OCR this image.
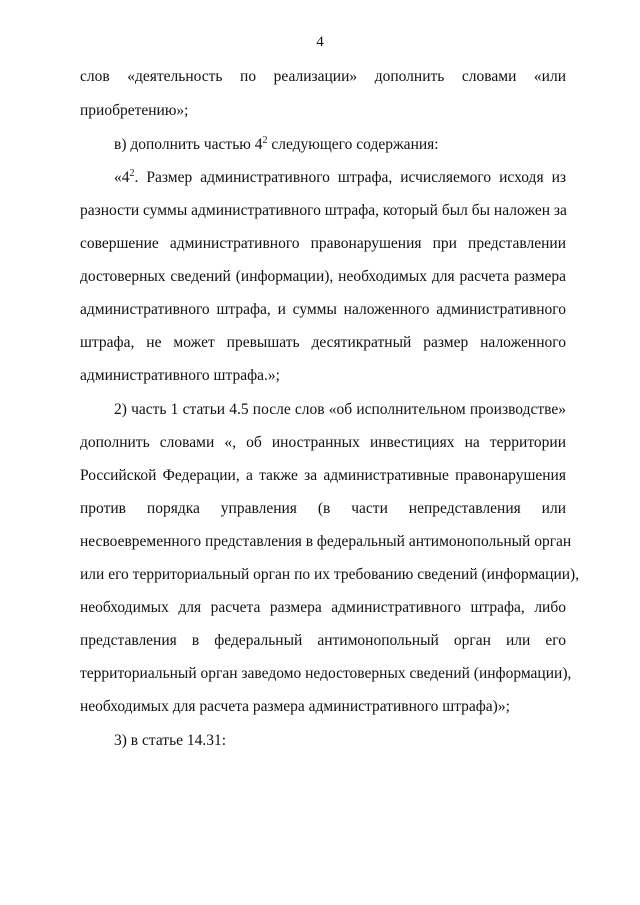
4
слов «деятельность по реализации» дополнить словами «или
приобретению»;
в) дополнить частью $4^2$ следующего содержания:
«$4^2$. Размер административного штрафа, исчисляемого исходя из
разности суммы административного штрафа, который был бы наложен за
совершение административного правонарушения при представлении
достоверных сведений (информации), необходимых для расчета размера
административного штрафа, и суммы наложенного административного
штрафа, не может превышать десятикратный размер наложенного
административного штрафа.»;
2) часть 1 статьи 4.5 после слов «об исполнительном производстве»
дополнить словами «, об иностранных инвестициях на территории
Российской Федерации, а также за административные правонарушения
против порядка управления (в части непредставления или
несвоевременного представления в федеральный антимонопольный орган
или его территориальный орган по их требованию сведений (информации),
необходимых для расчета размера административного штрафа, либо
представления в федеральный антимонопольный орган или его
территориальный орган заведомо недостоверных сведений (информации),
необходимых для расчета размера административного штрафа)»;
3) в статье 14.31:
